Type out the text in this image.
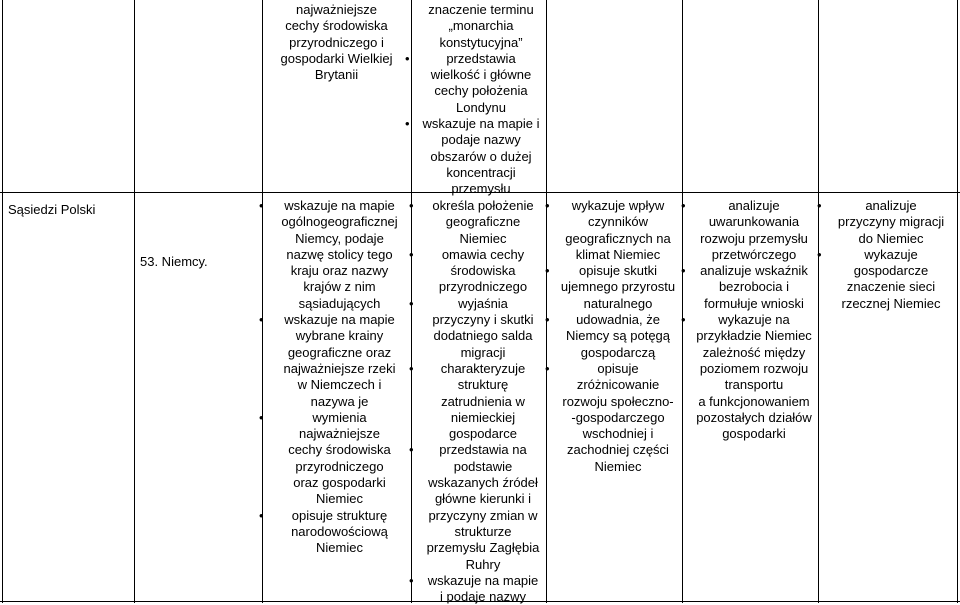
Sąsiedzi Polski
53. Niemcy.
najważniejsze
cechy środowiska
przyrodniczego i
gospodarki Wielkiej
Brytanii
• wskazuje na mapie
ogólnogeograficznej
Niemcy, podaje
nazwę stolicy tego
kraju oraz nazwy
krajów z nim
sąsiadujących
• wskazuje na mapie
wybrane krainy
geograficzne oraz
najważniejsze rzeki
w Niemczech i
nazywa je
• wymienia
najważniejsze
cechy środowiska
przyrodniczego
oraz gospodarki
Niemiec
• opisuje strukturę
narodowościową
Niemiec
znaczenie terminu
„monarchia
konstytucyjna”
• przedstawia
wielkość i główne
cechy położenia
Londynu
• wskazuje na mapie i
podaje nazwy
obszarów o dużej
koncentracji
przemysłu
• określa położenie
geograficzne
Niemiec
• omawia cechy
środowiska
przyrodniczego
• wyjaśnia
przyczyny i skutki
dodatniego salda
migracji
• charakteryzuje
strukturę
zatrudnienia w
niemieckiej
gospodarce
• przedstawia na
podstawie
wskazanych źródeł
główne kierunki i
przyczyny zmian w
strukturze
przemysłu Zagłębia
Ruhry
• wskazuje na mapie
i podaje nazwy
• wykazuje wpływ
czynników
geograficznych na
klimat Niemiec
• opisuje skutki
ujemnego przyrostu
naturalnego
• udowadnia, że
Niemcy są potęgą
gospodarczą
• opisuje
zróżnicowanie
rozwoju społeczno-
-gospodarczego
wschodniej i
zachodniej części
Niemiec
• analizuje
uwarunkowania
rozwoju przemysłu
przetwórczego
• analizuje wskaźnik
bezrobocia i
formułuje wnioski
• wykazuje na
przykładzie Niemiec
zależność między
poziomem rozwoju
transportu
a funkcjonowaniem
pozostałych działów
gospodarki
• analizuje
przyczyny migracji
do Niemiec
• wykazuje
gospodarcze
znaczenie sieci
rzecznej Niemiec
